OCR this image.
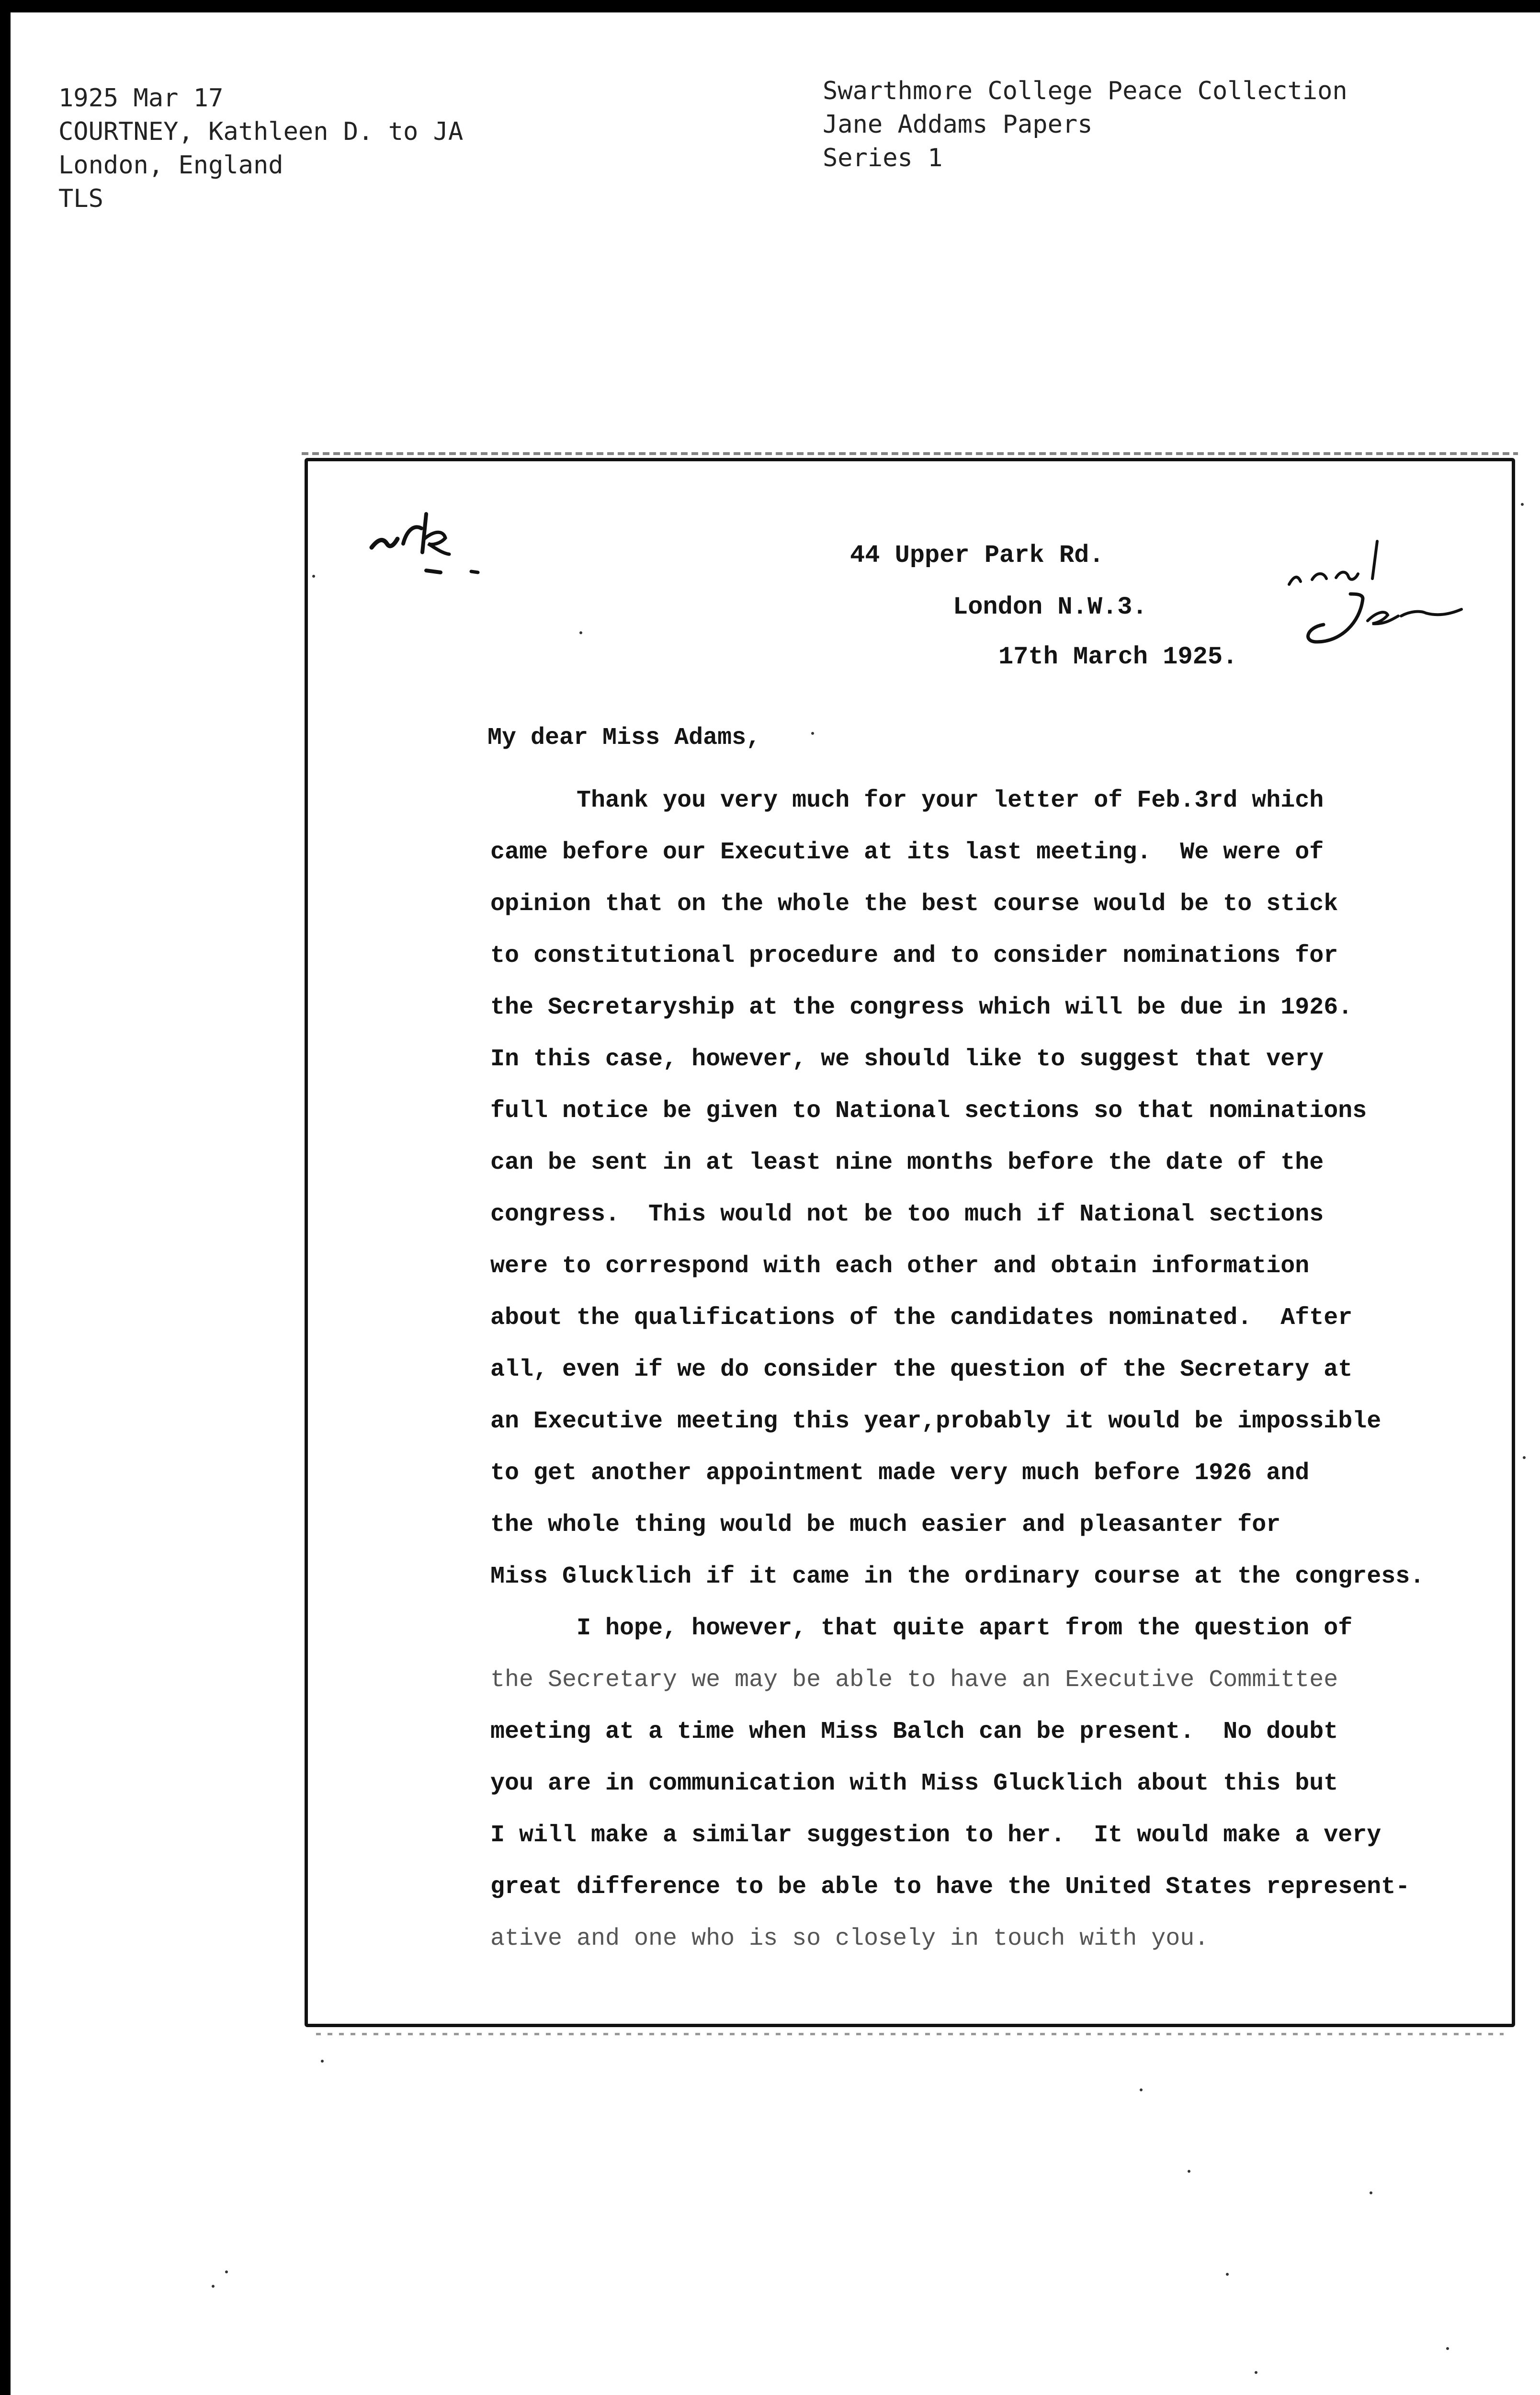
1925 Mar 17
COURTNEY, Kathleen D. to JA
London, England
TLS
Swarthmore College Peace Collection
Jane Addams Papers
Series 1
44 Upper Park Rd.
London N.W.3.
17th March 1925.
My dear Miss Adams,
Thank you very much for your letter of Feb.3rd which
came before our Executive at its last meeting.  We were of
opinion that on the whole the best course would be to stick
to constitutional procedure and to consider nominations for
the Secretaryship at the congress which will be due in 1926.
In this case, however, we should like to suggest that very
full notice be given to National sections so that nominations
can be sent in at least nine months before the date of the
congress.  This would not be too much if National sections
were to correspond with each other and obtain information
about the qualifications of the candidates nominated.  After
all, even if we do consider the question of the Secretary at
an Executive meeting this year,probably it would be impossible
to get another appointment made very much before 1926 and
the whole thing would be much easier and pleasanter for
Miss Glucklich if it came in the ordinary course at the congress.
I hope, however, that quite apart from the question of
the Secretary we may be able to have an Executive Committee
meeting at a time when Miss Balch can be present.  No doubt
you are in communication with Miss Glucklich about this but
I will make a similar suggestion to her.  It would make a very
great difference to be able to have the United States represent-
ative and one who is so closely in touch with you.
